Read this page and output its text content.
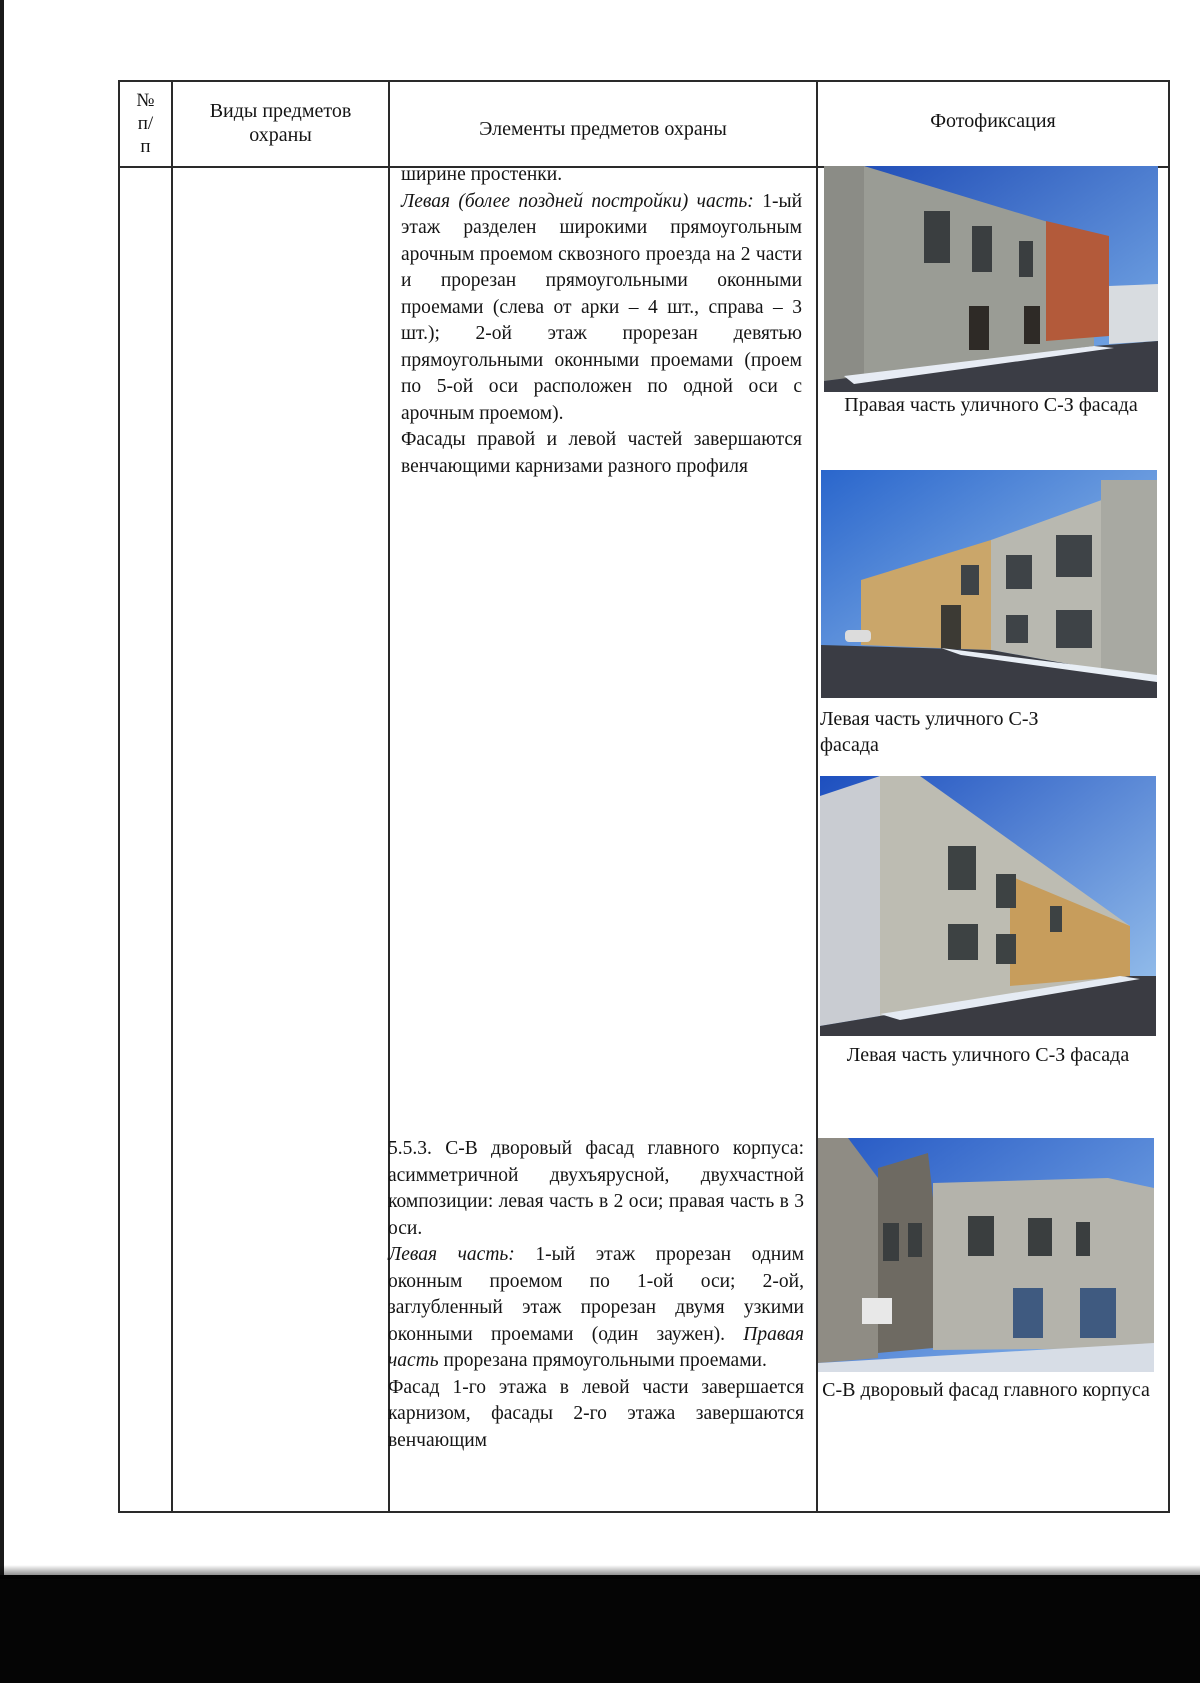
№ п/ п
Виды предметов охраны	Элементы предметов охраны	Фотофиксация

ширине простенки.

Левая (более поздней постройки) часть: 1-ый этаж разделен широкими прямоугольным арочным проемом сквозного проезда на 2 части и прорезан прямоугольными оконными проемами (слева от арки – 4 шт., справа – 3 шт.); 2-ой этаж прорезан девятью прямоугольными оконными проемами (проем по 5-ой оси расположен по одной оси с арочным проемом).

Фасады правой и левой частей завершаются венчающими карнизами разного профиля

5.5.3. С-В дворовый фасад главного корпуса: асимметричной двухъярусной, двухчастной композиции: левая часть в 2 оси; правая часть в 3 оси.

Левая часть: 1-ый этаж прорезан одним оконным проемом по 1-ой оси; 2-ой, заглубленный этаж прорезан двумя узкими оконными проемами (один заужен). Правая часть прорезана прямоугольными проемами.

Фасад 1-го этажа в левой части завершается карнизом, фасады 2-го этажа завершаются венчающим

Правая часть уличного С-З фасада
Левая часть уличного С-З фасада
Левая часть уличного С-З фасада
С-В дворовый фасад главного корпуса
